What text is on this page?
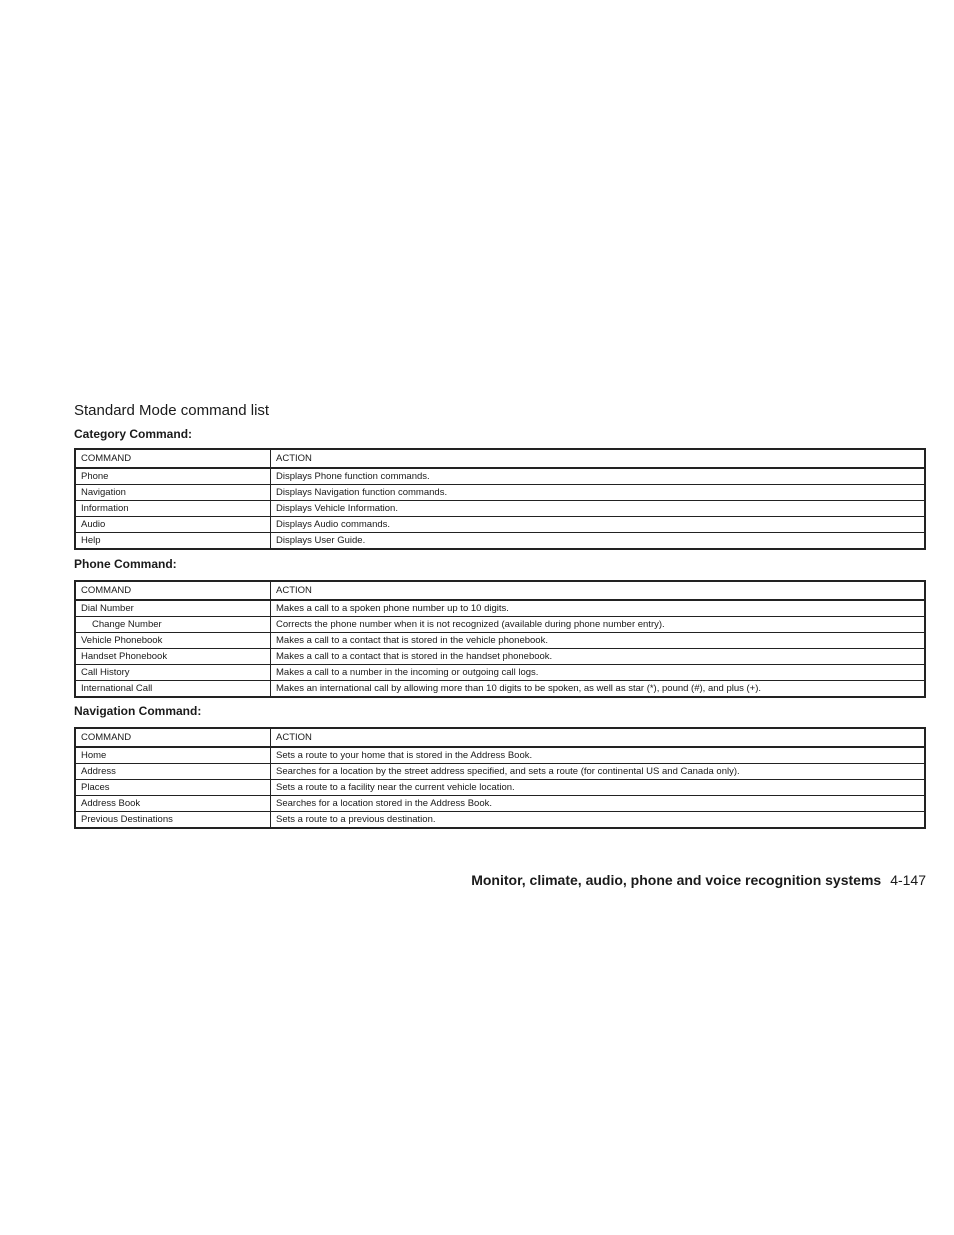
Standard Mode command list
Category Command:
COMMAND	ACTION
Phone	Displays Phone function commands.
Navigation	Displays Navigation function commands.
Information	Displays Vehicle Information.
Audio	Displays Audio commands.
Help	Displays User Guide.
Phone Command:
COMMAND	ACTION
Dial Number	Makes a call to a spoken phone number up to 10 digits.
Change Number	Corrects the phone number when it is not recognized (available during phone number entry).
Vehicle Phonebook	Makes a call to a contact that is stored in the vehicle phonebook.
Handset Phonebook	Makes a call to a contact that is stored in the handset phonebook.
Call History	Makes a call to a number in the incoming or outgoing call logs.
International Call	Makes an international call by allowing more than 10 digits to be spoken, as well as star (*), pound (#), and plus (+).
Navigation Command:
COMMAND	ACTION
Home	Sets a route to your home that is stored in the Address Book.
Address	Searches for a location by the street address specified, and sets a route (for continental US and Canada only).
Places	Sets a route to a facility near the current vehicle location.
Address Book	Searches for a location stored in the Address Book.
Previous Destinations	Sets a route to a previous destination.
Monitor, climate, audio, phone and voice recognition systems 4-147
